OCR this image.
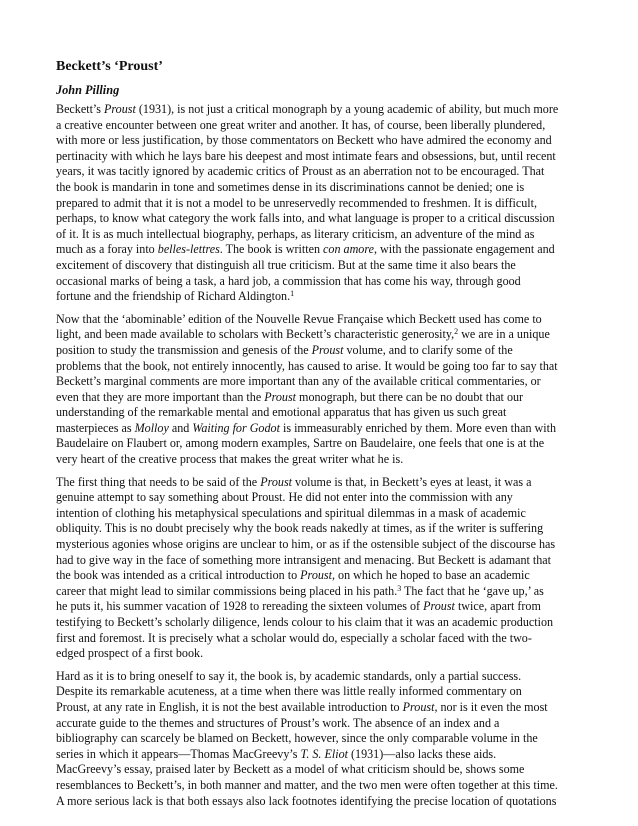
Beckett’s ‘Proust’
John Pilling

Beckett’s Proust (1931), is not just a critical monograph by a young academic of ability, but much more
a creative encounter between one great writer and another. It has, of course, been liberally plundered,
with more or less justification, by those commentators on Beckett who have admired the economy and
pertinacity with which he lays bare his deepest and most intimate fears and obsessions, but, until recent
years, it was tacitly ignored by academic critics of Proust as an aberration not to be encouraged. That
the book is mandarin in tone and sometimes dense in its discriminations cannot be denied; one is
prepared to admit that it is not a model to be unreservedly recommended to freshmen. It is difficult,
perhaps, to know what category the work falls into, and what language is proper to a critical discussion
of it. It is as much intellectual biography, perhaps, as literary criticism, an adventure of the mind as
much as a foray into belles-lettres. The book is written con amore, with the passionate engagement and
excitement of discovery that distinguish all true criticism. But at the same time it also bears the
occasional marks of being a task, a hard job, a commission that has come his way, through good
fortune and the friendship of Richard Aldington.$^1$

Now that the ‘abominable’ edition of the Nouvelle Revue Française which Beckett used has come to
light, and been made available to scholars with Beckett’s characteristic generosity,$^2$ we are in a unique
position to study the transmission and genesis of the Proust volume, and to clarify some of the
problems that the book, not entirely innocently, has caused to arise. It would be going too far to say that
Beckett’s marginal comments are more important than any of the available critical commentaries, or
even that they are more important than the Proust monograph, but there can be no doubt that our
understanding of the remarkable mental and emotional apparatus that has given us such great
masterpieces as Molloy and Waiting for Godot is immeasurably enriched by them. More even than with
Baudelaire on Flaubert or, among modern examples, Sartre on Baudelaire, one feels that one is at the
very heart of the creative process that makes the great writer what he is.

The first thing that needs to be said of the Proust volume is that, in Beckett’s eyes at least, it was a
genuine attempt to say something about Proust. He did not enter into the commission with any
intention of clothing his metaphysical speculations and spiritual dilemmas in a mask of academic
obliquity. This is no doubt precisely why the book reads nakedly at times, as if the writer is suffering
mysterious agonies whose origins are unclear to him, or as if the ostensible subject of the discourse has
had to give way in the face of something more intransigent and menacing. But Beckett is adamant that
the book was intended as a critical introduction to Proust, on which he hoped to base an academic
career that might lead to similar commissions being placed in his path.$^3$ The fact that he ‘gave up,’ as
he puts it, his summer vacation of 1928 to rereading the sixteen volumes of Proust twice, apart from
testifying to Beckett’s scholarly diligence, lends colour to his claim that it was an academic production
first and foremost. It is precisely what a scholar would do, especially a scholar faced with the two-
edged prospect of a first book.

Hard as it is to bring oneself to say it, the book is, by academic standards, only a partial success.
Despite its remarkable acuteness, at a time when there was little really informed commentary on
Proust, at any rate in English, it is not the best available introduction to Proust, nor is it even the most
accurate guide to the themes and structures of Proust’s work. The absence of an index and a
bibliography can scarcely be blamed on Beckett, however, since the only comparable volume in the
series in which it appears—Thomas MacGreevy’s T. S. Eliot (1931)—also lacks these aids.
MacGreevy’s essay, praised later by Beckett as a model of what criticism should be, shows some
resemblances to Beckett’s, in both manner and matter, and the two men were often together at this time.
A more serious lack is that both essays also lack footnotes identifying the precise location of quotations
